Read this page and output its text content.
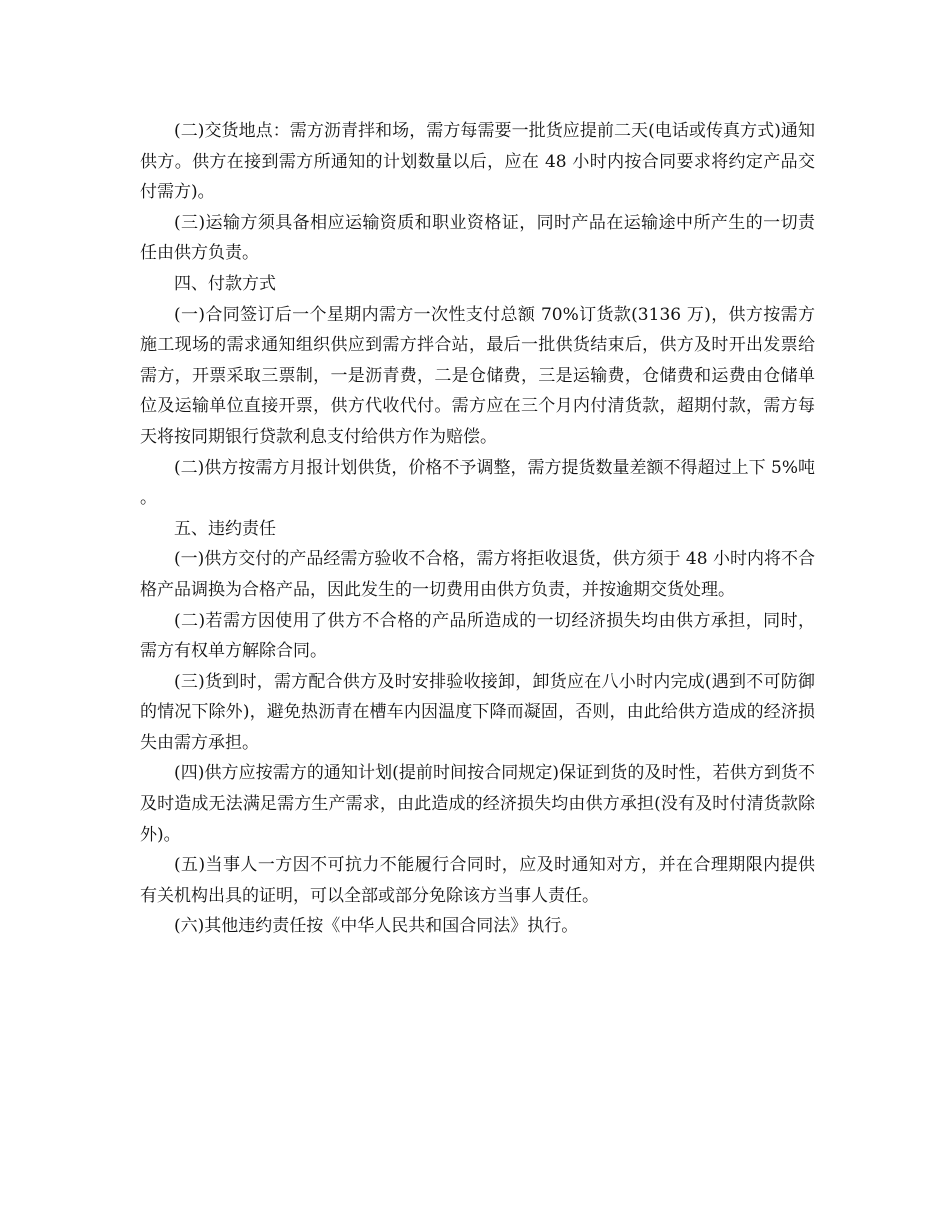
(二)交货地点：需方沥青拌和场，需方每需要一批货应提前二天(电话或传真方式)通知供方。供方在接到需方所通知的计划数量以后，应在 48 小时内按合同要求将约定产品交付需方)。

(三)运输方须具备相应运输资质和职业资格证，同时产品在运输途中所产生的一切责任由供方负责。

四、付款方式

(一)合同签订后一个星期内需方一次性支付总额 70%订货款(3136 万)，供方按需方施工现场的需求通知组织供应到需方拌合站，最后一批供货结束后，供方及时开出发票给需方，开票采取三票制，一是沥青费，二是仓储费，三是运输费，仓储费和运费由仓储单位及运输单位直接开票，供方代收代付。需方应在三个月内付清货款，超期付款，需方每天将按同期银行贷款利息支付给供方作为赔偿。

(二)供方按需方月报计划供货，价格不予调整，需方提货数量差额不得超过上下 5%吨。

五、违约责任

(一)供方交付的产品经需方验收不合格，需方将拒收退货，供方须于 48 小时内将不合格产品调换为合格产品，因此发生的一切费用由供方负责，并按逾期交货处理。

(二)若需方因使用了供方不合格的产品所造成的一切经济损失均由供方承担，同时，需方有权单方解除合同。

(三)货到时，需方配合供方及时安排验收接卸，卸货应在八小时内完成(遇到不可防御的情况下除外)，避免热沥青在槽车内因温度下降而凝固，否则，由此给供方造成的经济损失由需方承担。

(四)供方应按需方的通知计划(提前时间按合同规定)保证到货的及时性，若供方到货不及时造成无法满足需方生产需求，由此造成的经济损失均由供方承担(没有及时付清货款除外)。

(五)当事人一方因不可抗力不能履行合同时，应及时通知对方，并在合理期限内提供有关机构出具的证明，可以全部或部分免除该方当事人责任。

(六)其他违约责任按《中华人民共和国合同法》执行。
